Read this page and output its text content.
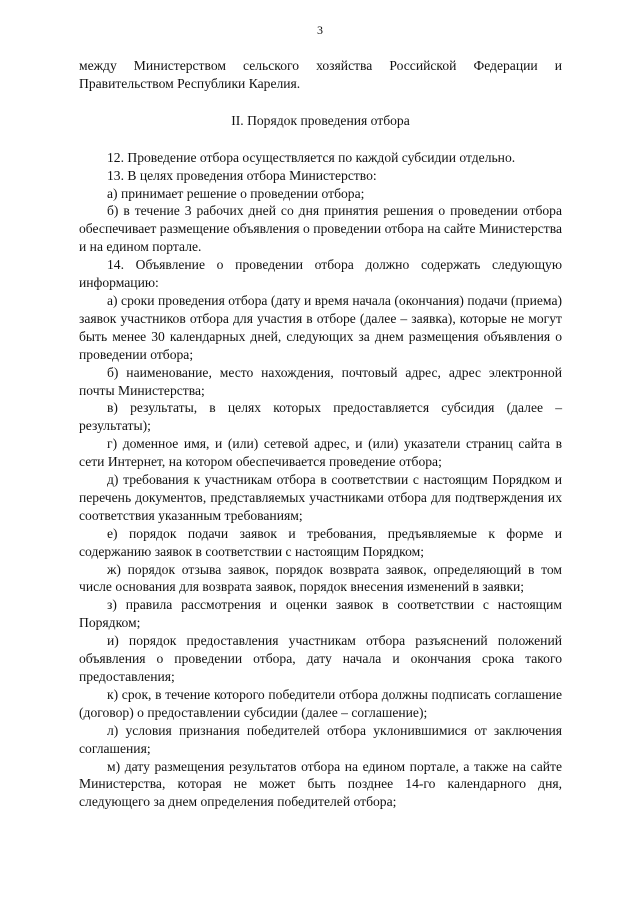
3

между Министерством сельского хозяйства Российской Федерации и Правительством Республики Карелия.

II. Порядок проведения отбора

12. Проведение отбора осуществляется по каждой субсидии отдельно.

13. В целях проведения отбора Министерство:

а) принимает решение о проведении отбора;

б) в течение 3 рабочих дней со дня принятия решения о проведении отбора обеспечивает размещение объявления о проведении отбора на сайте Министерства и на едином портале.

14. Объявление о проведении отбора должно содержать следующую информацию:

а) сроки проведения отбора (дату и время начала (окончания) подачи (приема) заявок участников отбора для участия в отборе (далее – заявка), которые не могут быть менее 30 календарных дней, следующих за днем размещения объявления о проведении отбора;

б) наименование, место нахождения, почтовый адрес, адрес электронной почты Министерства;

в) результаты, в целях которых предоставляется субсидия (далее – результаты);

г) доменное имя, и (или) сетевой адрес, и (или) указатели страниц сайта в сети Интернет, на котором обеспечивается проведение отбора;

д) требования к участникам отбора в соответствии с настоящим Порядком и перечень документов, представляемых участниками отбора для подтверждения их соответствия указанным требованиям;

е) порядок подачи заявок и требования, предъявляемые к форме и содержанию заявок в соответствии с настоящим Порядком;

ж) порядок отзыва заявок, порядок возврата заявок, определяющий в том числе основания для возврата заявок, порядок внесения изменений в заявки;

з) правила рассмотрения и оценки заявок в соответствии с настоящим Порядком;

и) порядок предоставления участникам отбора разъяснений положений объявления о проведении отбора, дату начала и окончания срока такого предоставления;

к) срок, в течение которого победители отбора должны подписать соглашение (договор) о предоставлении субсидии (далее – соглашение);

л) условия признания победителей отбора уклонившимися от заключения соглашения;

м) дату размещения результатов отбора на едином портале, а также на сайте Министерства, которая не может быть позднее 14-го календарного дня, следующего за днем определения победителей отбора;
